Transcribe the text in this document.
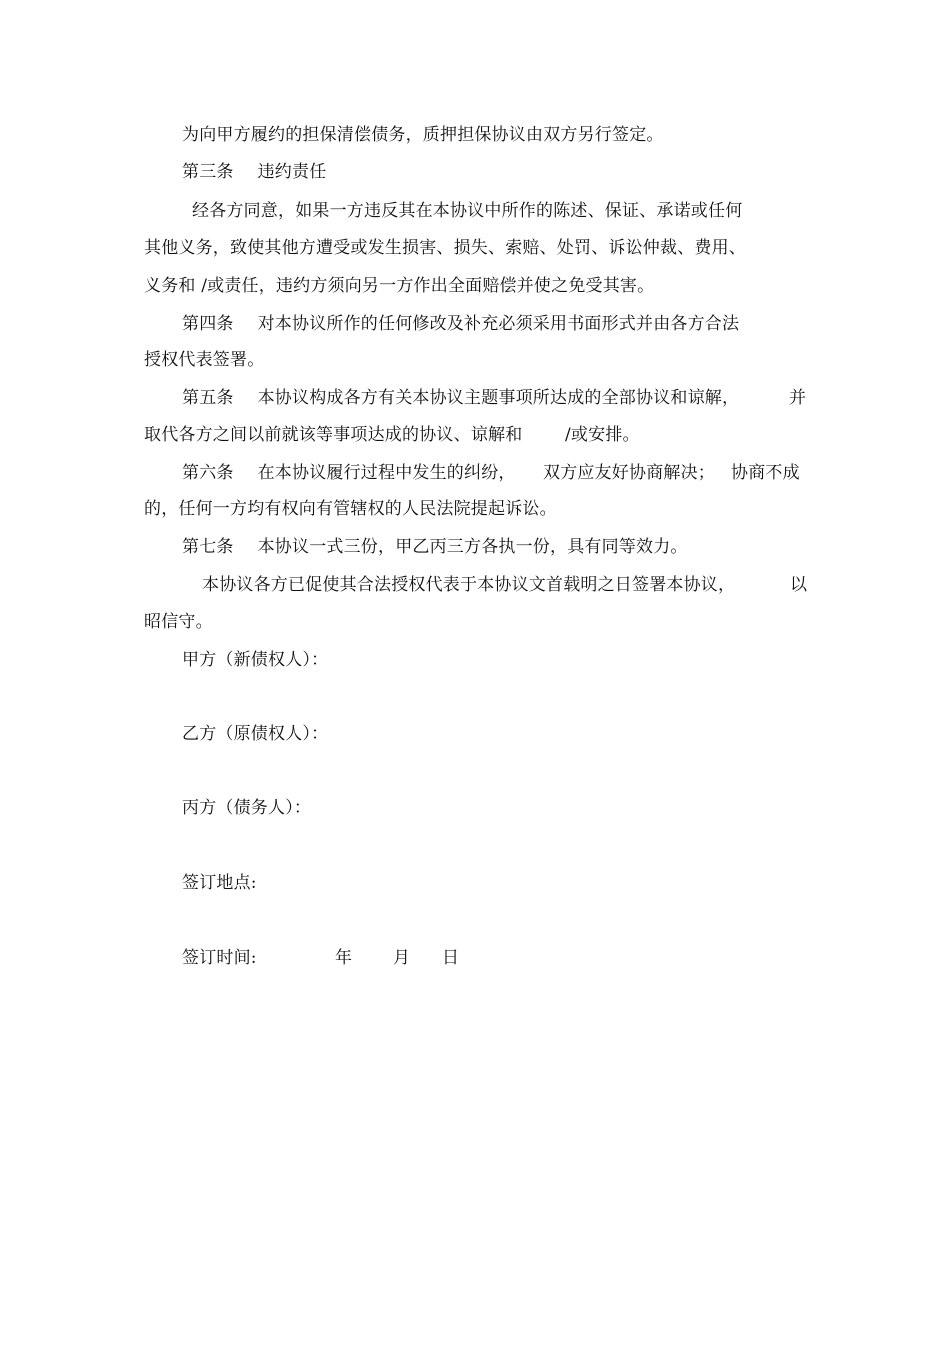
为向甲方履约的担保清偿债务，质押担保协议由双方另行签定。
第三条 违约责任
经各方同意，如果一方违反其在本协议中所作的陈述、保证、承诺或任何
其他义务，致使其他方遭受或发生损害、损失、索赔、处罚、诉讼仲裁、费用、
义务和 /或责任，违约方须向另一方作出全面赔偿并使之免受其害。
第四条 对本协议所作的任何修改及补充必须采用书面形式并由各方合法
授权代表签署。
第五条 本协议构成各方有关本协议主题事项所达成的全部协议和谅解，	并
取代各方之间以前就该等事项达成的协议、谅解和	/或安排。
第六条 在本协议履行过程中发生的纠纷， 双方应友好协商解决； 协商不成
的，任何一方均有权向有管辖权的人民法院提起诉讼。
第七条 本协议一式三份，甲乙丙三方各执一份，具有同等效力。
本协议各方已促使其合法授权代表于本协议文首载明之日签署本协议，	以
昭信守。
甲方（新债权人）：
乙方（原债权人）：
丙方（债务人）：
签订地点:
签订时间:	年 月 日
